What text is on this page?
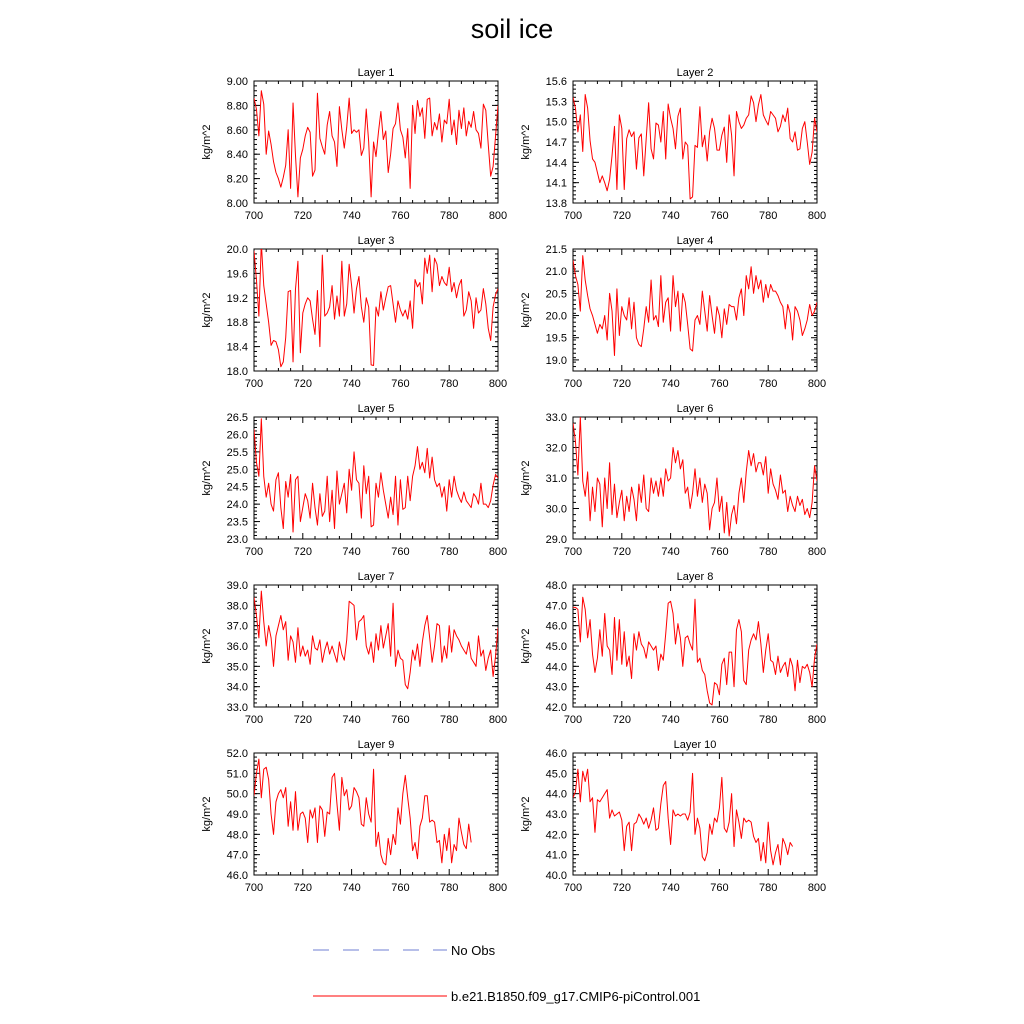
soil ice
Layer 1
700	720	740	760	780	800
8.00
8.20
8.40
8.60
8.80
9.00
kg/m^2
Layer 2
700	720	740	760	780	800
13.8
14.1
14.4
14.7
15.0
15.3
15.6
kg/m^2
Layer 3
700	720	740	760	780	800
18.0
18.4
18.8
19.2
19.6
20.0
kg/m^2
Layer 4
700	720	740	760	780	800
19.0
19.5
20.0
20.5
21.0
21.5
kg/m^2
Layer 5
700	720	740	760	780	800
23.0
23.5
24.0
24.5
25.0
25.5
26.0
26.5
kg/m^2
Layer 6
700	720	740	760	780	800
29.0
30.0
31.0
32.0
33.0
kg/m^2
Layer 7
700	720	740	760	780	800
33.0
34.0
35.0
36.0
37.0
38.0
39.0
kg/m^2
Layer 8
700	720	740	760	780	800
42.0
43.0
44.0
45.0
46.0
47.0
48.0
kg/m^2
Layer 9
700	720	740	760	780	800
46.0
47.0
48.0
49.0
50.0
51.0
52.0
kg/m^2
Layer 10
700	720	740	760	780	800
40.0
41.0
42.0
43.0
44.0
45.0
46.0
kg/m^2
No Obs
b.e21.B1850.f09_g17.CMIP6-piControl.001
